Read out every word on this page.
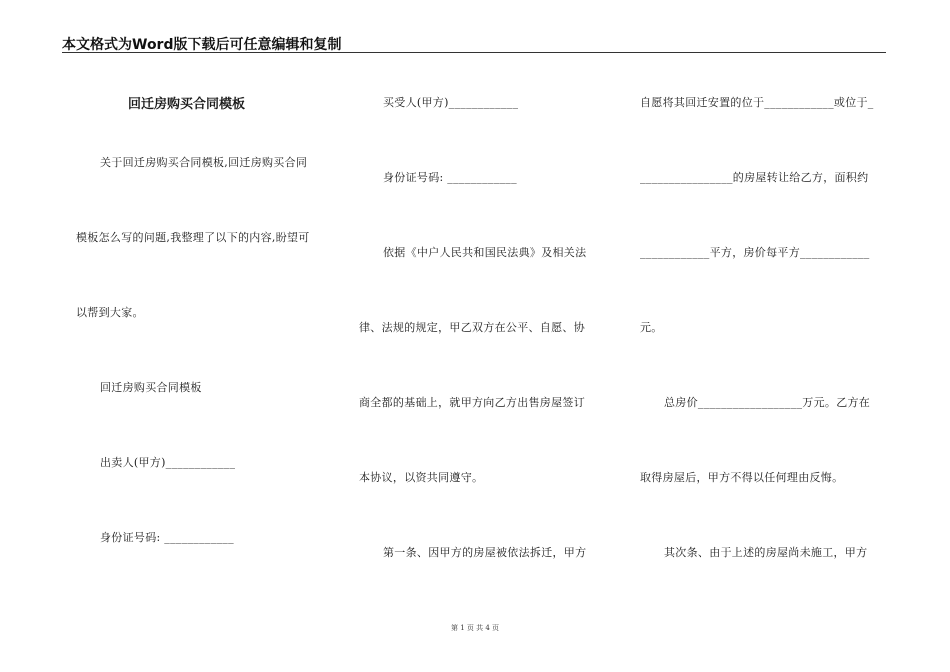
本文格式为Word版下载后可任意编辑和复制
回迁房购买合同模板
关于回迁房购买合同模板,回迁房购买合同
模板怎么写的问题,我整理了以下的内容,盼望可
以帮到大家。
回迁房购买合同模板
出卖人(甲方)____________
身份证号码: ____________
买受人(甲方)____________
身份证号码: ____________
依据《中户人民共和国民法典》及相关法
律、法规的规定，甲乙双方在公平、自愿、协
商全都的基础上，就甲方向乙方出售房屋签订
本协议，以资共同遵守。
第一条、因甲方的房屋被依法拆迁，甲方
自愿将其回迁安置的位于____________或位于_
________________的房屋转让给乙方，面积约
____________平方，房价每平方____________
元。
总房价__________________万元。乙方在
取得房屋后，甲方不得以任何理由反悔。
其次条、由于上述的房屋尚未施工，甲方
第 1 页 共 4 页
